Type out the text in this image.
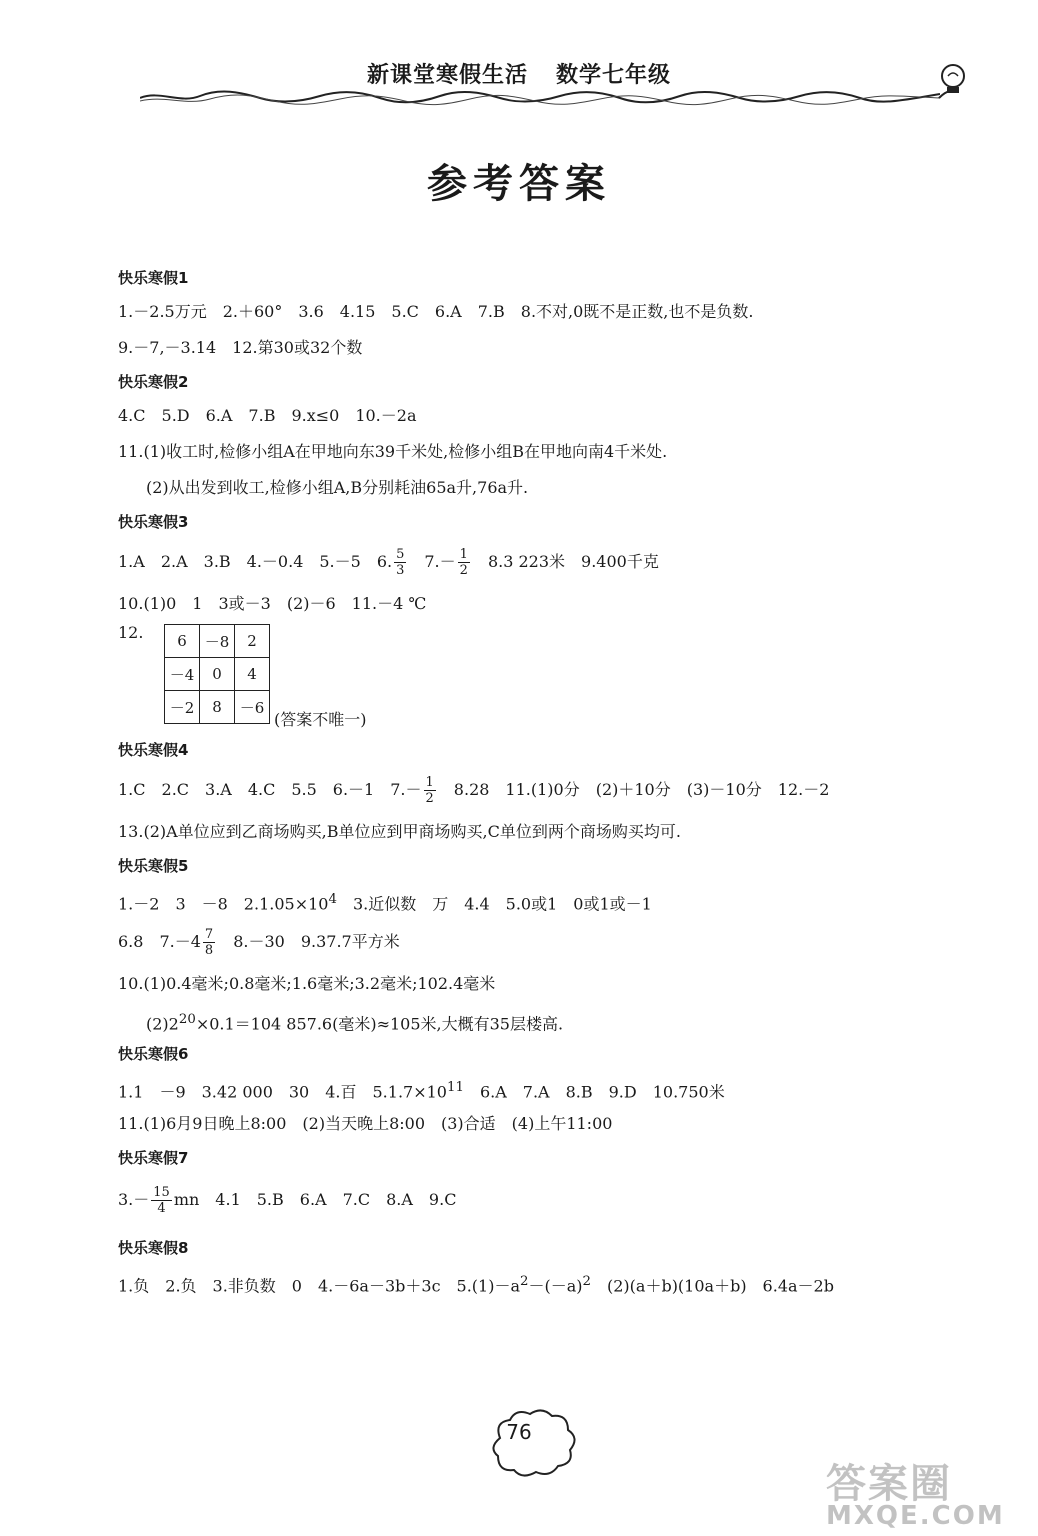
新课堂寒假生活 数学七年级
参考答案
快乐寒假1
1.－2.5万元　2.＋60°　3.6　4.15　5.C　6.A　7.B　8.不对,0既不是正数,也不是负数.
9.－7,－3.14　12.第30或32个数
快乐寒假2
4.C　5.D　6.A　7.B　9.x≤0　10.－2a
11.(1)收工时,检修小组A在甲地向东39千米处,检修小组B在甲地向南4千米处.
(2)从出发到收工,检修小组A,B分别耗油65a升,76a升.
快乐寒假3
1.A　2.A　3.B　4.－0.4　5.－5　6. $\frac{5}{3}$ 　$7.- \frac{1}{2}$ 　8.3 223米　9.400千克
10.(1)0　1　3或－3　(2)－6　11.－4 ℃
12.	6	－8	2
－4	0	4
－2	8	－6
(答案不唯一)
快乐寒假4
1.C　2.C　3.A　4.C　5.5　6.－1　$7.- \frac{1}{2}$ 　8.28　11.(1)0分　(2)＋10分　(3)－10分　12.－2
13.(2)A单位应到乙商场购买,B单位应到甲商场购买,C单位到两个商场购买均可.
快乐寒假5
1.－2　3　－8　$2.1.05\times 10^4$　3.近似数　万　4.4　5.0或1　0或1或－1
6.8　$7.-4 \frac{7}{8}$ 　8.－30　9.37.7平方米
10.(1)0.4毫米;0.8毫米;1.6毫米;3.2毫米;102.4毫米
$(2)2^{20}\times 0.1=104$ 857.6(毫米)≈105米,大概有35层楼高.
快乐寒假6
1.1　－9　3.42 000　30　4.百　$5.1.7\times 10^{11}$　6.A　7.A　8.B　9.D　10.750米
11.(1)6月9日晚上8:00　(2)当天晚上8:00　(3)合适　(4)上午11:00
快乐寒假7
$3.- \frac{15}{4}$ mn　4.1　5.B　6.A　7.C　8.A　9.C
快乐寒假8
1.负　2.负　3.非负数　0　4.－6a－3b＋3c　$5.(1)-a^2-(-a)^2$　(2)(a＋b)(10a＋b)　6.4a－2b
76
答案圈
MXQE.COM
